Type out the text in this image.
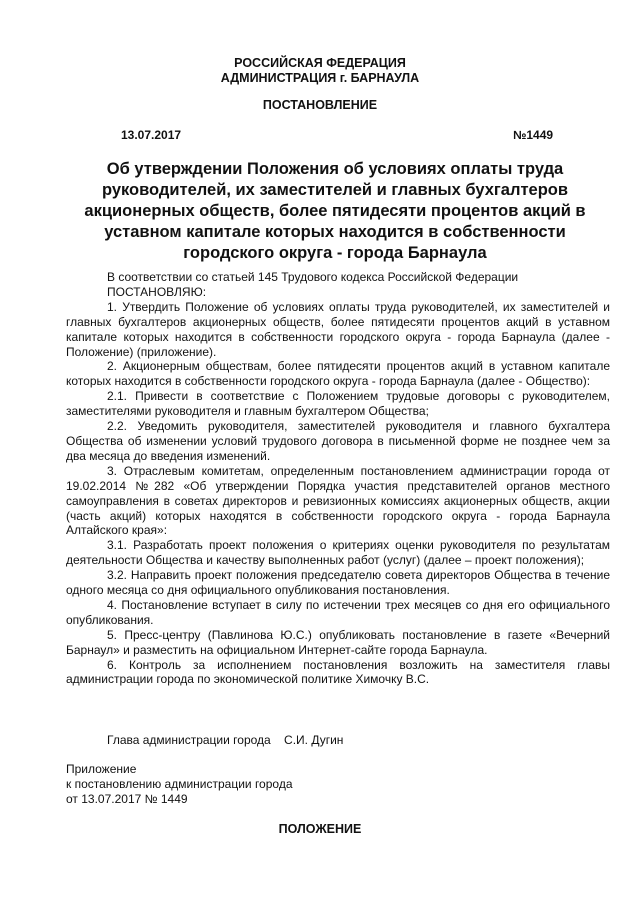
РОССИЙСКАЯ ФЕДЕРАЦИЯ
АДМИНИСТРАЦИЯ г. БАРНАУЛА
ПОСТАНОВЛЕНИЕ
13.07.2017	№1449
Об утверждении Положения об условиях оплаты труда руководителей, их заместителей и главных бухгалтеров акционерных обществ, более пятидесяти процентов акций в уставном капитале которых находится в собственности городского округа - города Барнаула

В соответствии со статьей 145 Трудового кодекса Российской Федерации

ПОСТАНОВЛЯЮ:

1. Утвердить Положение об условиях оплаты труда руководителей, их заместителей и главных бухгалтеров акционерных обществ, более пятидесяти процентов акций в уставном капитале которых находится в собственности городского округа - города Барнаула (далее - Положение) (приложение).

2. Акционерным обществам, более пятидесяти процентов акций в уставном капитале которых находится в собственности городского округа - города Барнаула (далее - Общество):

2.1. Привести в соответствие с Положением трудовые договоры с руководителем, заместителями руководителя и главным бухгалтером Общества;

2.2. Уведомить руководителя, заместителей руководителя и главного бухгалтера Общества об изменении условий трудового договора в письменной форме не позднее чем за два месяца до введения изменений.

3. Отраслевым комитетам, определенным постановлением администрации города от 19.02.2014 №282 «Об утверждении Порядка участия представителей органов местного самоуправления в советах директоров и ревизионных комиссиях акционерных обществ, акции (часть акций) которых находятся в собственности городского округа - города Барнаула Алтайского края»:

3.1. Разработать проект положения о критериях оценки руководителя по результатам деятельности Общества и качеству выполненных работ (услуг) (далее – проект положения);

3.2. Направить проект положения председателю совета директоров Общества в течение одного месяца со дня официального опубликования постановления.

4. Постановление вступает в силу по истечении трех месяцев со дня его официального опубликования.

5. Пресс-центру (Павлинова Ю.С.) опубликовать постановление в газете «Вечерний Барнаул» и разместить на официальном Интернет-сайте города Барнаула.

6. Контроль за исполнением постановления возложить на заместителя главы администрации города по экономической политике Химочку В.С.

Глава администрации города    С.И. Дугин
Приложение
к постановлению администрации города
от 13.07.2017 № 1449
ПОЛОЖЕНИЕ
